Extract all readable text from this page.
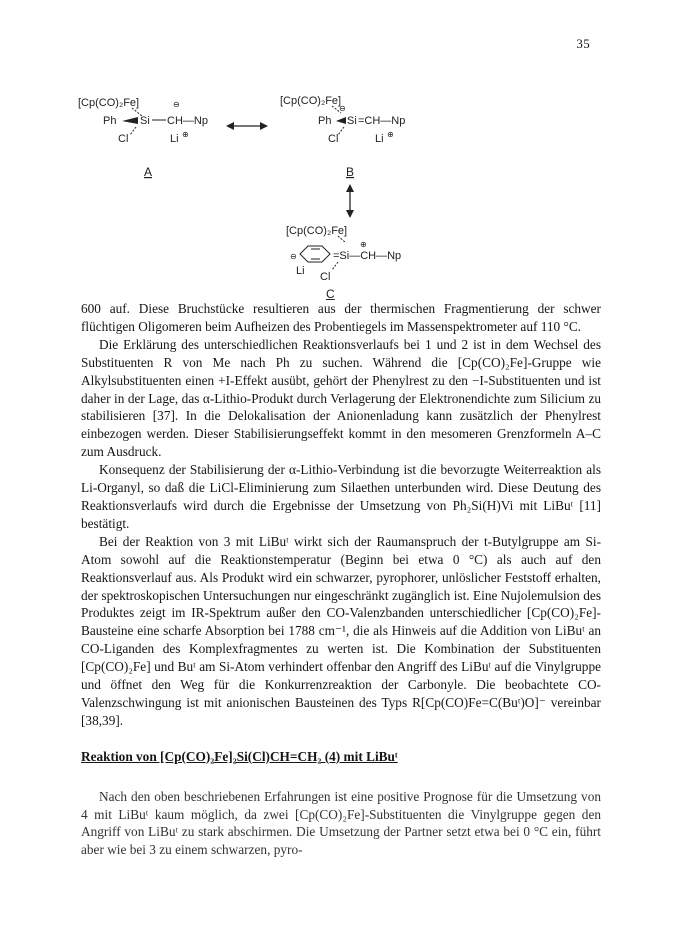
35
[Cp(CO)₂Fe]
Ph Si
⊖
CH—Np
Cl	Li ⊕
A
[Cp(CO)₂Fe]
⊖
Ph Si =CH—Np
Cl	Li ⊕
B
[Cp(CO)₂Fe]
⊖	=Si—CH—Np
⊕
Li Cl
C

600 auf. Diese Bruchstücke resultieren aus der thermischen Fragmentierung der schwer flüchtigen Oligomeren beim Aufheizen des Probentiegels im Massenspektrometer auf 110 °C.

Die Erklärung des unterschiedlichen Reaktionsverlaufs bei 1 und 2 ist in dem Wechsel des Substituenten R von Me nach Ph zu suchen. Während die [Cp(CO)₂Fe]-Gruppe wie Alkylsubstituenten einen +I-Effekt ausübt, gehört der Phenylrest zu den −I-Substituenten und ist daher in der Lage, das α-Lithio-Produkt durch Verlagerung der Elektronendichte zum Silicium zu stabilisieren [37]. In die Delokalisation der Anionenladung kann zusätzlich der Phenylrest einbezogen werden. Dieser Stabilisierungseffekt kommt in den mesomeren Grenzformeln A–C zum Ausdruck.

Konsequenz der Stabilisierung der α-Lithio-Verbindung ist die bevorzugte Weiterreaktion als Li-Organyl, so daß die LiCl-Eliminierung zum Silaethen unterbunden wird. Diese Deutung des Reaktionsverlaufs wird durch die Ergebnisse der Umsetzung von Ph₂Si(H)Vi mit LiBuᵗ [11] bestätigt.

Bei der Reaktion von 3 mit LiBuᵗ wirkt sich der Raumanspruch der t-Butylgruppe am Si-Atom sowohl auf die Reaktionstemperatur (Beginn bei etwa 0 °C) als auch auf den Reaktionsverlauf aus. Als Produkt wird ein schwarzer, pyrophorer, unlöslicher Feststoff erhalten, der spektroskopischen Untersuchungen nur eingeschränkt zugänglich ist. Eine Nujolemulsion des Produktes zeigt im IR-Spektrum außer den CO-Valenzbanden unterschiedlicher [Cp(CO)₂Fe]-Bausteine eine scharfe Absorption bei 1788 cm⁻¹, die als Hinweis auf die Addition von LiBuᵗ an CO-Liganden des Komplexfragmentes zu werten ist. Die Kombination der Substituenten [Cp(CO)₂Fe] und Buᵗ am Si-Atom verhindert offenbar den Angriff des LiBuᵗ auf die Vinylgruppe und öffnet den Weg für die Konkurrenzreaktion der Carbonyle. Die beobachtete CO-Valenzschwingung ist mit anionischen Bausteinen des Typs R[Cp(CO)Fe=C(Buᵗ)O]⁻ vereinbar [38,39].

Reaktion von [Cp(CO)₂Fe]₂Si(Cl)CH=CH₂ (4) mit LiBuᵗ

Nach den oben beschriebenen Erfahrungen ist eine positive Prognose für die Umsetzung von 4 mit LiBuᵗ kaum möglich, da zwei [Cp(CO)₂Fe]-Substituenten die Vinylgruppe gegen den Angriff von LiBuᵗ zu stark abschirmen. Die Umsetzung der Partner setzt etwa bei 0 °C ein, führt aber wie bei 3 zu einem schwarzen, pyro-
